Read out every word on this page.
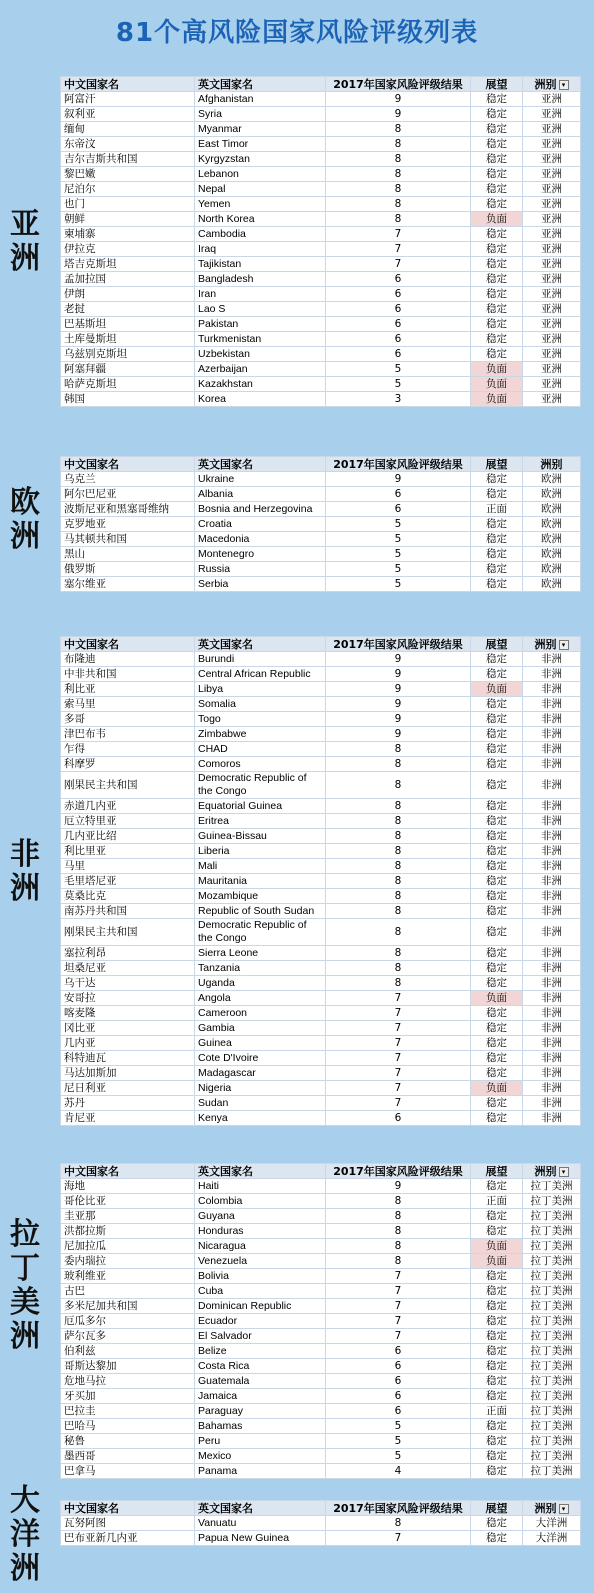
81个高风险国家风险评级列表
亚洲
中文国家名	英文国家名	2017年国家风险评级结果	展望	洲别 ▾
阿富汗	Afghanistan	9	稳定	亚洲
叙利亚	Syria	9	稳定	亚洲
缅甸	Myanmar	8	稳定	亚洲
东帝汶	East Timor	8	稳定	亚洲
吉尔吉斯共和国	Kyrgyzstan	8	稳定	亚洲
黎巴嫩	Lebanon	8	稳定	亚洲
尼泊尔	Nepal	8	稳定	亚洲
也门	Yemen	8	稳定	亚洲
朝鲜	North Korea	8	负面	亚洲
柬埔寨	Cambodia	7	稳定	亚洲
伊拉克	Iraq	7	稳定	亚洲
塔吉克斯坦	Tajikistan	7	稳定	亚洲
孟加拉国	Bangladesh	6	稳定	亚洲
伊朗	Iran	6	稳定	亚洲
老挝	Lao S	6	稳定	亚洲
巴基斯坦	Pakistan	6	稳定	亚洲
土库曼斯坦	Turkmenistan	6	稳定	亚洲
乌兹别克斯坦	Uzbekistan	6	稳定	亚洲
阿塞拜疆	Azerbaijan	5	负面	亚洲
哈萨克斯坦	Kazakhstan	5	负面	亚洲
韩国	Korea	3	负面	亚洲
欧洲
中文国家名	英文国家名	2017年国家风险评级结果	展望	洲别
乌克兰	Ukraine	9	稳定	欧洲
阿尔巴尼亚	Albania	6	稳定	欧洲
波斯尼亚和黑塞哥维纳	Bosnia and Herzegovina	6	正面	欧洲
克罗地亚	Croatia	5	稳定	欧洲
马其顿共和国	Macedonia	5	稳定	欧洲
黑山	Montenegro	5	稳定	欧洲
俄罗斯	Russia	5	稳定	欧洲
塞尔维亚	Serbia	5	稳定	欧洲
非洲
中文国家名	英文国家名	2017年国家风险评级结果	展望	洲别 ▾
布隆迪	Burundi	9	稳定	非洲
中非共和国	Central African Republic	9	稳定	非洲
利比亚	Libya	9	负面	非洲
索马里	Somalia	9	稳定	非洲
多哥	Togo	9	稳定	非洲
津巴布韦	Zimbabwe	9	稳定	非洲
乍得	CHAD	8	稳定	非洲
科摩罗	Comoros	8	稳定	非洲
刚果民主共和国	Democratic Republic of the Congo	8	稳定	非洲
赤道几内亚	Equatorial Guinea	8	稳定	非洲
厄立特里亚	Eritrea	8	稳定	非洲
几内亚比绍	Guinea-Bissau	8	稳定	非洲
利比里亚	Liberia	8	稳定	非洲
马里	Mali	8	稳定	非洲
毛里塔尼亚	Mauritania	8	稳定	非洲
莫桑比克	Mozambique	8	稳定	非洲
南苏丹共和国	Republic of South Sudan	8	稳定	非洲
刚果民主共和国	Democratic Republic of the Congo	8	稳定	非洲
塞拉利昂	Sierra Leone	8	稳定	非洲
坦桑尼亚	Tanzania	8	稳定	非洲
乌干达	Uganda	8	稳定	非洲
安哥拉	Angola	7	负面	非洲
喀麦隆	Cameroon	7	稳定	非洲
冈比亚	Gambia	7	稳定	非洲
几内亚	Guinea	7	稳定	非洲
科特迪瓦	Cote D'Ivoire	7	稳定	非洲
马达加斯加	Madagascar	7	稳定	非洲
尼日利亚	Nigeria	7	负面	非洲
苏丹	Sudan	7	稳定	非洲
肯尼亚	Kenya	6	稳定	非洲
拉丁美洲
中文国家名	英文国家名	2017年国家风险评级结果	展望	洲别 ▾
海地	Haiti	9	稳定	拉丁美洲
哥伦比亚	Colombia	8	正面	拉丁美洲
圭亚那	Guyana	8	稳定	拉丁美洲
洪都拉斯	Honduras	8	稳定	拉丁美洲
尼加拉瓜	Nicaragua	8	负面	拉丁美洲
委内瑞拉	Venezuela	8	负面	拉丁美洲
玻利维亚	Bolivia	7	稳定	拉丁美洲
古巴	Cuba	7	稳定	拉丁美洲
多米尼加共和国	Dominican Republic	7	稳定	拉丁美洲
厄瓜多尔	Ecuador	7	稳定	拉丁美洲
萨尔瓦多	El Salvador	7	稳定	拉丁美洲
伯利兹	Belize	6	稳定	拉丁美洲
哥斯达黎加	Costa Rica	6	稳定	拉丁美洲
危地马拉	Guatemala	6	稳定	拉丁美洲
牙买加	Jamaica	6	稳定	拉丁美洲
巴拉圭	Paraguay	6	正面	拉丁美洲
巴哈马	Bahamas	5	稳定	拉丁美洲
秘鲁	Peru	5	稳定	拉丁美洲
墨西哥	Mexico	5	稳定	拉丁美洲
巴拿马	Panama	4	稳定	拉丁美洲
大洋洲
中文国家名	英文国家名	2017年国家风险评级结果	展望	洲别 ▾
瓦努阿图	Vanuatu	8	稳定	大洋洲
巴布亚新几内亚	Papua New Guinea	7	稳定	大洋洲
